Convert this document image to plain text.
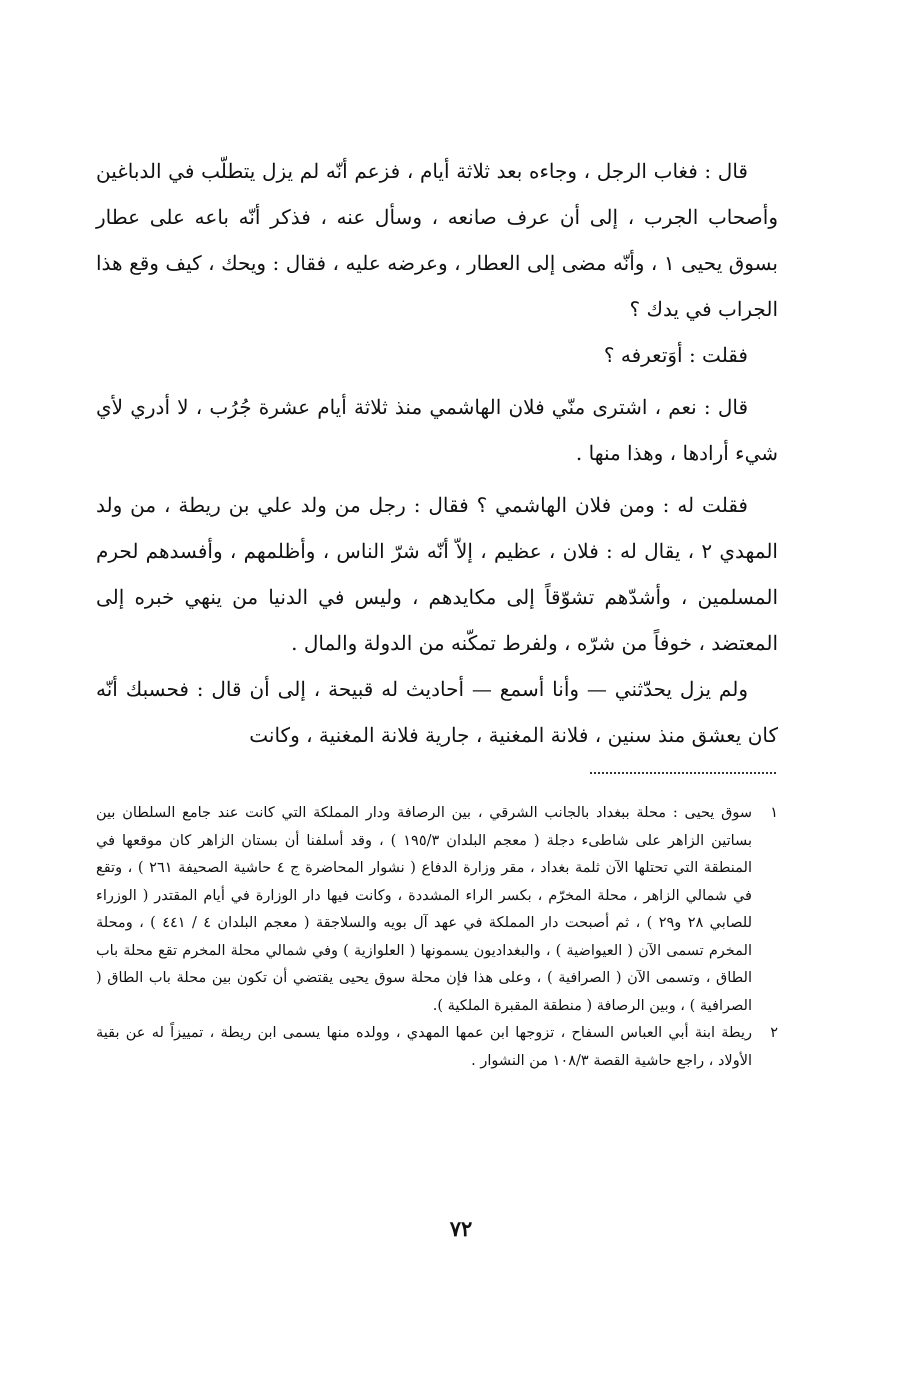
قال : فغاب الرجل ، وجاءه بعد ثلاثة أيام ، فزعم أنّه لم يزل يتطلّب في الدباغين وأصحاب الجرب ، إلى أن عرف صانعه ، وسأل عنه ، فذكر أنّه باعه على عطار بسوق يحيى ١ ، وأنّه مضى إلى العطار ، وعرضه عليه ، فقال : ويحك ، كيف وقع هذا الجراب في يدك ؟

فقلت : أوَتعرفه ؟

قال : نعم ، اشترى منّي فلان الهاشمي منذ ثلاثة أيام عشرة جُرُب ، لا أدري لأي شيء أرادها ، وهذا منها .

فقلت له : ومن فلان الهاشمي ؟ فقال : رجل من ولد علي بن ريطة ، من ولد المهدي ٢ ، يقال له : فلان ، عظيم ، إلاّ أنّه شرّ الناس ، وأظلمهم ، وأفسدهم لحرم المسلمين ، وأشدّهم تشوّقاً إلى مكايدهم ، وليس في الدنيا من ينهي خبره إلى المعتضد ، خوفاً من شرّه ، ولفرط تمكّنه من الدولة والمال .

ولم يزل يحدّثني — وأنا أسمع — أحاديث له قبيحة ، إلى أن قال : فحسبك أنّه كان يعشق منذ سنين ، فلانة المغنية ، جارية فلانة المغنية ، وكانت

١
سوق يحيى : محلة ببغداد بالجانب الشرقي ، بين الرصافة ودار المملكة التي كانت عند جامع السلطان بين بساتين الزاهر على شاطىء دجلة ( معجم البلدان ١٩٥/٣ ) ، وقد أسلفنا أن بستان الزاهر كان موقعها في المنطقة التي تحتلها الآن ثلمة بغداد ، مقر وزارة الدفاع ( نشوار المحاضرة ج ٤ حاشية الصحيفة ٢٦١ ) ، وتقع في شمالي الزاهر ، محلة المخرّم ، بكسر الراء المشددة ، وكانت فيها دار الوزارة في أيام المقتدر ( الوزراء للصابي ٢٨ و٢٩ ) ، ثم أصبحت دار المملكة في عهد آل بويه والسلاجقة ( معجم البلدان ٤ / ٤٤١ ) ، ومحلة المخرم تسمى الآن ( العيواضية ) ، والبغداديون يسمونها ( العلوازية ) وفي شمالي محلة المخرم تقع محلة باب الطاق ، وتسمى الآن ( الصرافية ) ، وعلى هذا فإن محلة سوق يحيى يقتضي أن تكون بين محلة باب الطاق ( الصرافية ) ، وبين الرصافة ( منطقة المقبرة الملكية ).
٢
ريطة ابنة أبي العباس السفاح ، تزوجها ابن عمها المهدي ، وولده منها يسمى ابن ريطة ، تمييزاً له عن بقية الأولاد ، راجع حاشية القصة ١٠٨/٣ من النشوار .
٧٢
